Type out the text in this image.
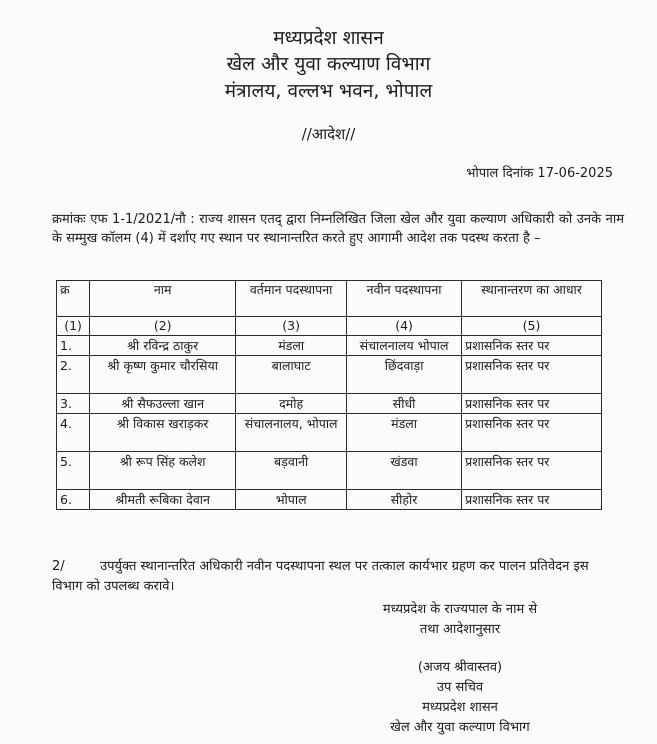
मध्यप्रदेश शासन
खेल और युवा कल्याण विभाग
मंत्रालय, वल्लभ भवन, भोपाल
//आदेश//
भोपाल दिनांक 17-06-2025
क्रमांकः एफ 1-1/2021/नौ : राज्य शासन एतद् द्वारा निम्नलिखित जिला खेल और युवा कल्याण अधिकारी को उनके नाम के सम्मुख कॉलम (4) में दर्शाए गए स्थान पर स्थानान्तरित करते हुए आगामी आदेश तक पदस्थ करता है –
क्र	नाम	वर्तमान पदस्थापना	नवीन पदस्थापना	स्थानान्तरण का आधार
(1)	(2)	(3)	(4)	(5)
1.	श्री रविन्द्र ठाकुर	मंडला	संचालनालय भोपाल	प्रशासनिक स्तर पर
2.	श्री कृष्ण कुमार चौरसिया	बालाघाट	छिंदवाड़ा	प्रशासनिक स्तर पर
3.	श्री सैफउल्ला खान	दमोह	सीधी	प्रशासनिक स्तर पर
4.	श्री विकास खराड़कर	संचालनालय, भोपाल	मंडला	प्रशासनिक स्तर पर
5.	श्री रूप सिंह कलेश	बड़वानी	खंडवा	प्रशासनिक स्तर पर
6.	श्रीमती रूबिका देवान	भोपाल	सीहोर	प्रशासनिक स्तर पर
2/	उपर्युक्त स्थानान्तरित अधिकारी नवीन पदस्थापना स्थल पर तत्काल कार्यभार ग्रहण कर पालन प्रतिवेदन इस विभाग को उपलब्ध करावे।
मध्यप्रदेश के राज्यपाल के नाम से
तथा आदेशानुसार
(अजय श्रीवास्तव)
उप सचिव
मध्यप्रदेश शासन
खेल और युवा कल्याण विभाग
